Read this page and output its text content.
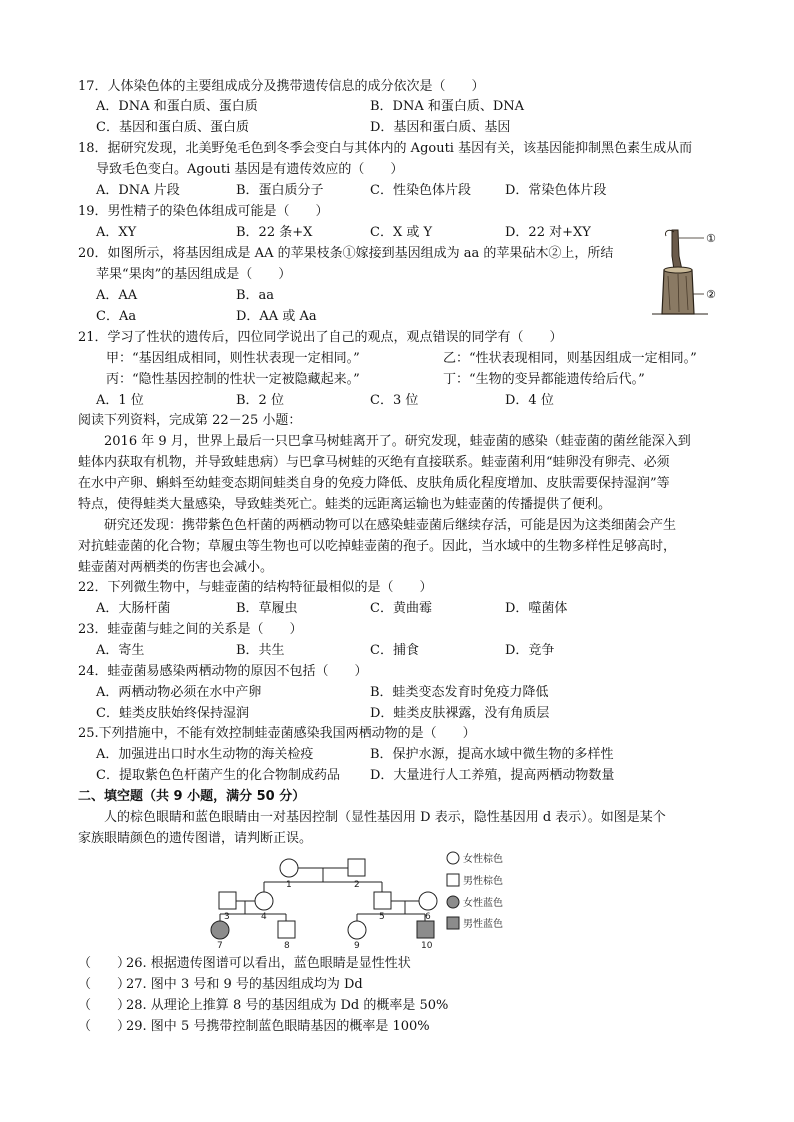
17．人体染色体的主要组成成分及携带遗传信息的成分依次是（　　）
A．DNA 和蛋白质、蛋白质	B．DNA 和蛋白质、DNA
C．基因和蛋白质、蛋白质	D．基因和蛋白质、基因
18．据研究发现，北美野兔毛色到冬季会变白与其体内的 Agouti 基因有关，该基因能抑制黑色素生成从而
导致毛色变白。Agouti 基因是有遗传效应的（　　）
A．DNA 片段	B．蛋白质分子	C．性染色体片段	D．常染色体片段
19．男性精子的染色体组成可能是（　　）
A．XY	B．22 条+X	C．X 或 Y	D．22 对+XY
20．如图所示，将基因组成是 AA 的苹果枝条①嫁接到基因组成为 aa 的苹果砧木②上，所结
苹果“果肉”的基因组成是（　　）
A．AA	B．aa
C．Aa	D．AA 或 Aa
①
②
21．学习了性状的遗传后，四位同学说出了自己的观点，观点错误的同学有（　　）
甲：“基因组成相同，则性状表现一定相同。”	乙：“性状表现相同，则基因组成一定相同。”
丙：“隐性基因控制的性状一定被隐藏起来。”	丁：“生物的变异都能遗传给后代。”
A．1 位	B．2 位	C．3 位	D．4 位
阅读下列资料，完成第 22－25 小题：
2016 年 9 月，世界上最后一只巴拿马树蛙离开了。研究发现，蛙壶菌的感染（蛙壶菌的菌丝能深入到
蛙体内获取有机物，并导致蛙患病）与巴拿马树蛙的灭绝有直接联系。蛙壶菌利用“蛙卵没有卵壳、必须
在水中产卵、蝌蚪至幼蛙变态期间蛙类自身的免疫力降低、皮肤角质化程度增加、皮肤需要保持湿润”等
特点，使得蛙类大量感染，导致蛙类死亡。蛙类的远距离运输也为蛙壶菌的传播提供了便利。
研究还发现：携带紫色色杆菌的两栖动物可以在感染蛙壶菌后继续存活，可能是因为这类细菌会产生
对抗蛙壶菌的化合物；草履虫等生物也可以吃掉蛙壶菌的孢子。因此，当水域中的生物多样性足够高时，
蛙壶菌对两栖类的伤害也会减小。
22．下列微生物中，与蛙壶菌的结构特征最相似的是（　　）
A．大肠杆菌	B．草履虫	C．黄曲霉	D．噬菌体
23．蛙壶菌与蛙之间的关系是（　　）
A．寄生	B．共生	C．捕食	D．竞争
24．蛙壶菌易感染两栖动物的原因不包括（　　）
A．两栖动物必须在水中产卵	B．蛙类变态发育时免疫力降低
C．蛙类皮肤始终保持湿润	D．蛙类皮肤裸露，没有角质层
25.下列措施中，不能有效控制蛙壶菌感染我国两栖动物的是（　　）
A．加强进出口时水生动物的海关检疫	B．保护水源，提高水域中微生物的多样性
C．提取紫色色杆菌产生的化合物制成药品 D．大量进行人工养殖，提高两栖动物数量
二、填空题（共 9 小题，满分 50 分）
人的棕色眼睛和蓝色眼睛由一对基因控制（显性基因用 D 表示，隐性基因用 d 表示）。如图是某个
家族眼睛颜色的遗传图谱，请判断正误。
1	2
3	4	5	6
7	8	9	10
女性棕色
男性棕色
女性蓝色
男性蓝色
（　　）
26. 根据遗传图谱可以看出，蓝色眼睛是显性性状
（　　）
27. 图中 3 号和 9 号的基因组成均为 Dd
（　　）
28. 从理论上推算 8 号的基因组成为 Dd 的概率是 50%
（　　）
29. 图中 5 号携带控制蓝色眼睛基因的概率是 100%
